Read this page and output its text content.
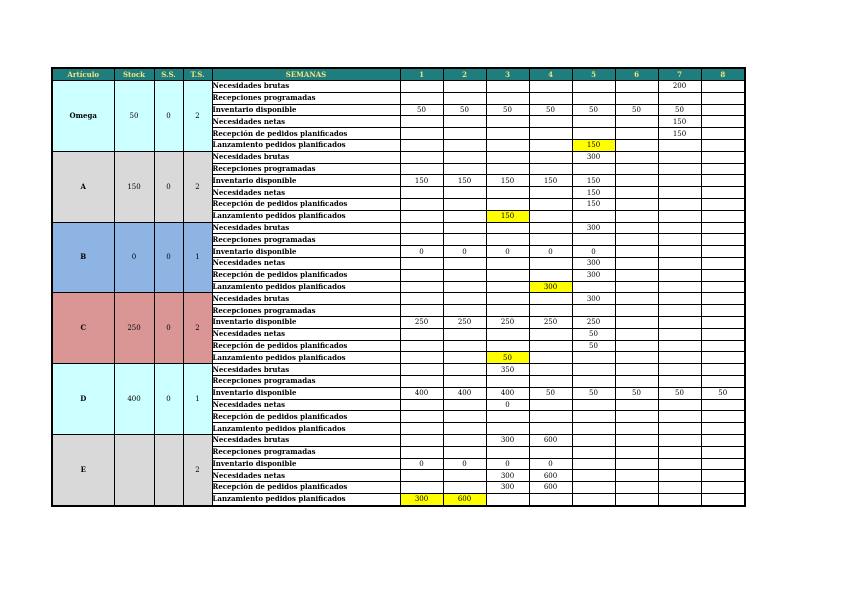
Artículo	Stock	S.S.	T.S.	SEMANAS	1	2	3	4	5	6	7	8
Omega	50	0	2	Necesidades brutas							200	
				Recepciones programadas								
				Inventario disponible	50	50	50	50	50	50	50	
				Necesidades netas							150	
				Recepción de pedidos planificados							150	
				Lanzamiento pedidos planificados					150			
A	150	0	2	Necesidades brutas					300			
				Recepciones programadas								
				Inventario disponible	150	150	150	150	150			
				Necesidades netas					150			
				Recepción de pedidos planificados					150			
				Lanzamiento pedidos planificados			150					
B	0	0	1	Necesidades brutas					300			
				Recepciones programadas								
				Inventario disponible	0	0	0	0	0			
				Necesidades netas					300			
				Recepción de pedidos planificados					300			
				Lanzamiento pedidos planificados				300				
C	250	0	2	Necesidades brutas					300			
				Recepciones programadas								
				Inventario disponible	250	250	250	250	250			
				Necesidades netas					50			
				Recepción de pedidos planificados					50			
				Lanzamiento pedidos planificados			50					
D	400	0	1	Necesidades brutas			350					
				Recepciones programadas								
				Inventario disponible	400	400	400	50	50	50	50	50
				Necesidades netas			0					
				Recepción de pedidos planificados								
				Lanzamiento pedidos planificados								
E			2	Necesidades brutas			300	600				
				Recepciones programadas								
				Inventario disponible	0	0	0	0				
				Necesidades netas			300	600				
				Recepción de pedidos planificados			300	600				
				Lanzamiento pedidos planificados	300	600						
